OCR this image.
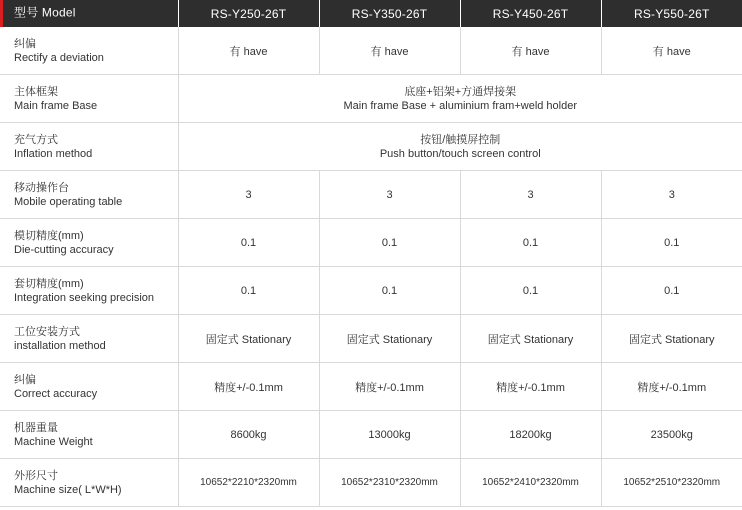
型号 Model	RS-Y250-26T	RS-Y350-26T	RS-Y450-26T	RS-Y550-26T

纠偏
Rectify a deviation	有 have	有 have	有 have	有 have

主体框架
Main frame Base	底座+铝架+方通焊接架
Main frame Base + aluminium fram+weld holder			

充气方式
Inflation method	按钮/触摸屏控制
Push button/touch screen control			

移动操作台
Mobile operating table	3	3	3	3

模切精度(mm)
Die-cutting accuracy	0.1	0.1	0.1	0.1

套切精度(mm)
Integration seeking precision	0.1	0.1	0.1	0.1

工位安装方式
installation method	固定式 Stationary	固定式 Stationary	固定式 Stationary	固定式 Stationary

纠偏
Correct accuracy	精度+/-0.1mm	精度+/-0.1mm	精度+/-0.1mm	精度+/-0.1mm

机器重量
Machine Weight	8600kg	13000kg	18200kg	23500kg

外形尺寸
Machine size( L*W*H)	10652*2210*2320mm	10652*2310*2320mm	10652*2410*2320mm	10652*2510*2320mm
